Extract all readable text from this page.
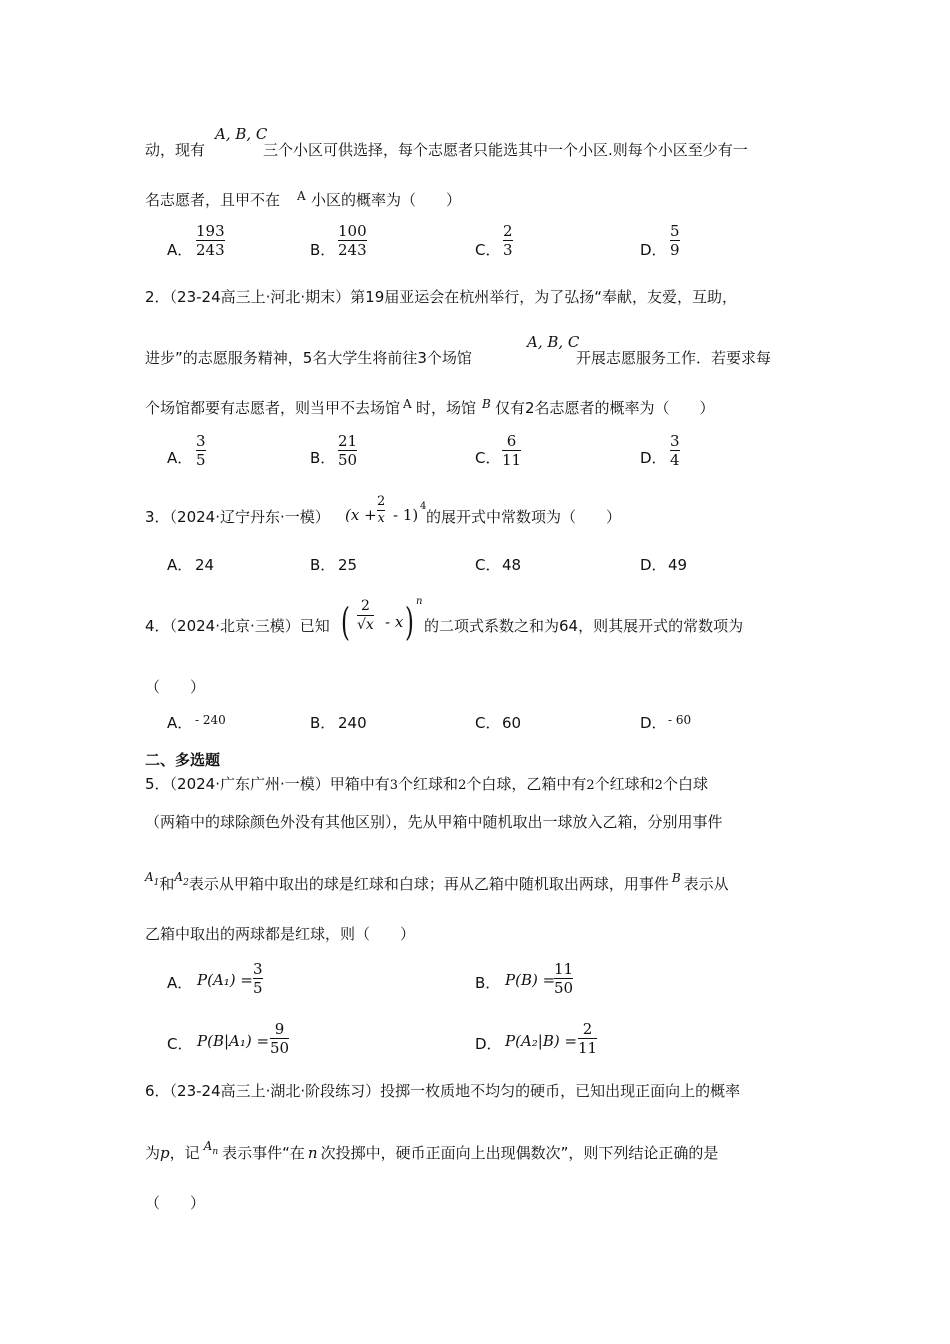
动，现有
A, B, C
三个小区可供选择，每个志愿者只能选其中一个小区.则每个小区至少有一
名志愿者，且甲不在 A 小区的概率为（　　）
A．
193
243	B．
100
243	C．
2
3	D．
5
9
2．（23-24高三上·河北·期末）第19届亚运会在杭州举行，为了弘扬“奉献，友爱，互助，
进步”的志愿服务精神，5名大学生将前往3个场馆
A, B, C
开展志愿服务工作．若要求每
个场馆都要有志愿者，则当甲不去场馆 A 时，场馆 B 仅有2名志愿者的概率为（　　）
A．
3
5	B．
21
50	C．
6
11	D．
3
4
3．（2024·辽宁丹东·一模） (x +
2
x - 1) 4
的展开式中常数项为（　　）
A． 24	B． 25	C． 48	D． 49
4．（2024·北京·三模）已知 ( 2
√x - x ) n
的二项式系数之和为64，则其展开式的常数项为
（　　）
A． - 240	B． 240	C． 60	D． - 60
二、多选题
5．（2024·广东广州·一模）甲箱中有3个红球和2个白球，乙箱中有2个红球和2个白球
（两箱中的球除颜色外没有其他区别），先从甲箱中随机取出一球放入乙箱，分别用事件
$^{A_1}$和$^{A_2}$表示从甲箱中取出的球是红球和白球；再从乙箱中随机取出两球，用事件 $^B$ 表示从
乙箱中取出的两球都是红球，则（　　）
A． P(A₁) =
3
5	B． P(B) =
11
50
C． P(B|A₁) =
9
50	D． P(A₂|B) =
2
11
6．（23-24高三上·湖北·阶段练习）投掷一枚质地不均匀的硬币，已知出现正面向上的概率
为p，记 $^{A_n}$ 表示事件“在 n 次投掷中，硬币正面向上出现偶数次”，则下列结论正确的是
（　　）
